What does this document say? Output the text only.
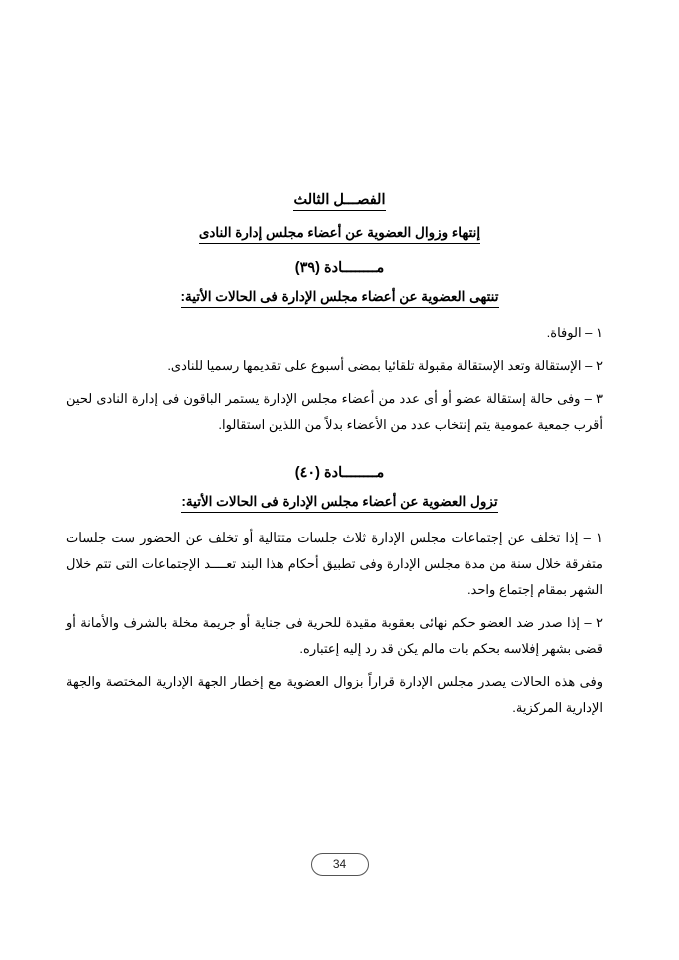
الفصـــل الثالث
إنتهاء وزوال العضوية عن أعضاء مجلس إدارة النادى
مــــــــادة (٣٩)
تنتهى العضوية عن أعضاء مجلس الإدارة فى الحالات الأتية:
١ – الوفاة.
٢ – الإستقالة وتعد الإستقالة مقبولة تلقائيا بمضى أسبوع على تقديمها رسميا للنادى.
٣ – وفى حالة إستقالة عضو أو أى عدد من أعضاء مجلس الإدارة يستمر الباقون فى إدارة النادى لحين أقرب جمعية عمومية يتم إنتخاب عدد من الأعضاء بدلاً من اللذين استقالوا.
مــــــــادة (٤٠)
تزول العضوية عن أعضاء مجلس الإدارة فى الحالات الأتية:
١ – إذا تخلف عن إجتماعات مجلس الإدارة ثلاث جلسات متتالية أو تخلف عن الحضور ست جلسات متفرقة خلال سنة من مدة مجلس الإدارة وفى تطبيق أحكام هذا البند تعــــد الإجتماعات التى تتم خلال الشهر بمقام إجتماع واحد.
٢ – إذا صدر ضد العضو حكم نهائى بعقوبة مقيدة للحرية فى جناية أو جريمة مخلة بالشرف والأمانة أو قضى بشهر إفلاسه بحكم بات مالم يكن قد رد إليه إعتباره.
وفى هذه الحالات يصدر مجلس الإدارة قراراً بزوال العضوية مع إخطار الجهة الإدارية المختصة والجهة الإدارية المركزية.
34
